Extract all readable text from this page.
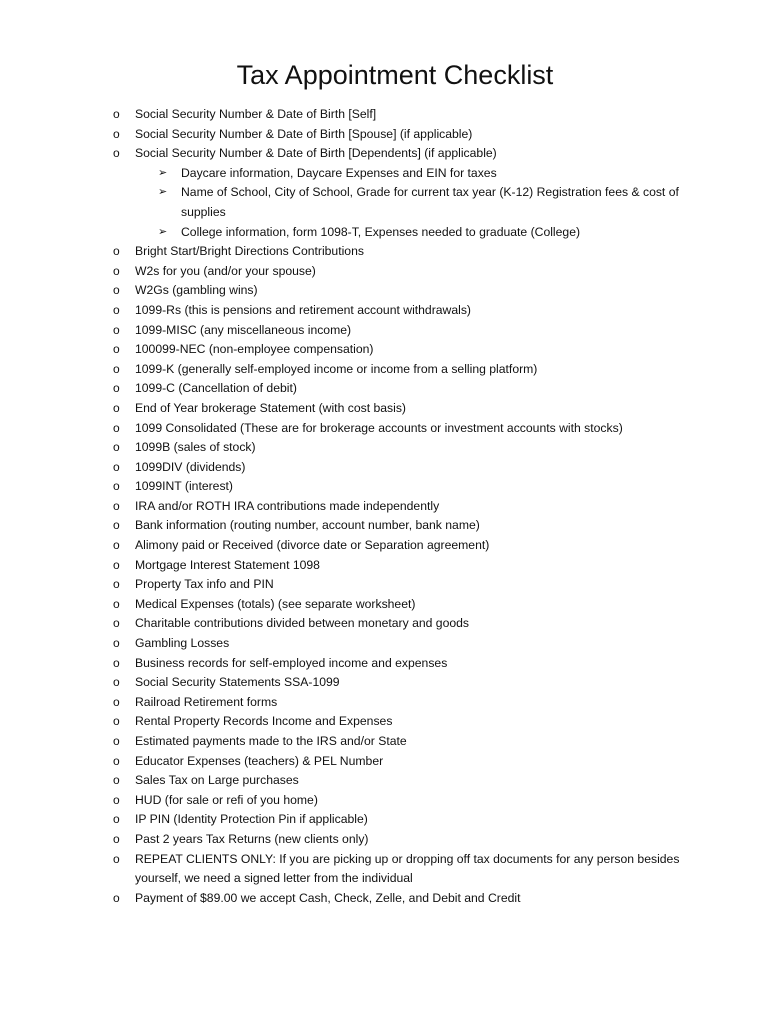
Tax Appointment Checklist
o	Social Security Number & Date of Birth [Self]
o	Social Security Number & Date of Birth [Spouse] (if applicable)
o	Social Security Number & Date of Birth [Dependents] (if applicable)
➢	Daycare information, Daycare Expenses and EIN for taxes
➢	Name of School, City of School, Grade for current tax year (K-12) Registration fees & cost of supplies
➢	College information, form 1098-T, Expenses needed to graduate (College)
o	Bright Start/Bright Directions Contributions
o	W2s for you (and/or your spouse)
o	W2Gs (gambling wins)
o	1099-Rs (this is pensions and retirement account withdrawals)
o	1099-MISC (any miscellaneous income)
o	100099-NEC (non-employee compensation)
o	1099-K (generally self-employed income or income from a selling platform)
o	1099-C (Cancellation of debit)
o	End of Year brokerage Statement (with cost basis)
o	1099 Consolidated (These are for brokerage accounts or investment accounts with stocks)
o	1099B (sales of stock)
o	1099DIV (dividends)
o	1099INT (interest)
o	IRA and/or ROTH IRA contributions made independently
o	Bank information (routing number, account number, bank name)
o	Alimony paid or Received (divorce date or Separation agreement)
o	Mortgage Interest Statement 1098
o	Property Tax info and PIN
o	Medical Expenses (totals) (see separate worksheet)
o	Charitable contributions divided between monetary and goods
o	Gambling Losses
o	Business records for self-employed income and expenses
o	Social Security Statements SSA-1099
o	Railroad Retirement forms
o	Rental Property Records Income and Expenses
o	Estimated payments made to the IRS and/or State
o	Educator Expenses (teachers) & PEL Number
o	Sales Tax on Large purchases
o	HUD (for sale or refi of you home)
o	IP PIN (Identity Protection Pin if applicable)
o	Past 2 years Tax Returns (new clients only)
o	REPEAT CLIENTS ONLY: If you are picking up or dropping off tax documents for any person besides yourself, we need a signed letter from the individual
o	Payment of $89.00 we accept Cash, Check, Zelle, and Debit and Credit
